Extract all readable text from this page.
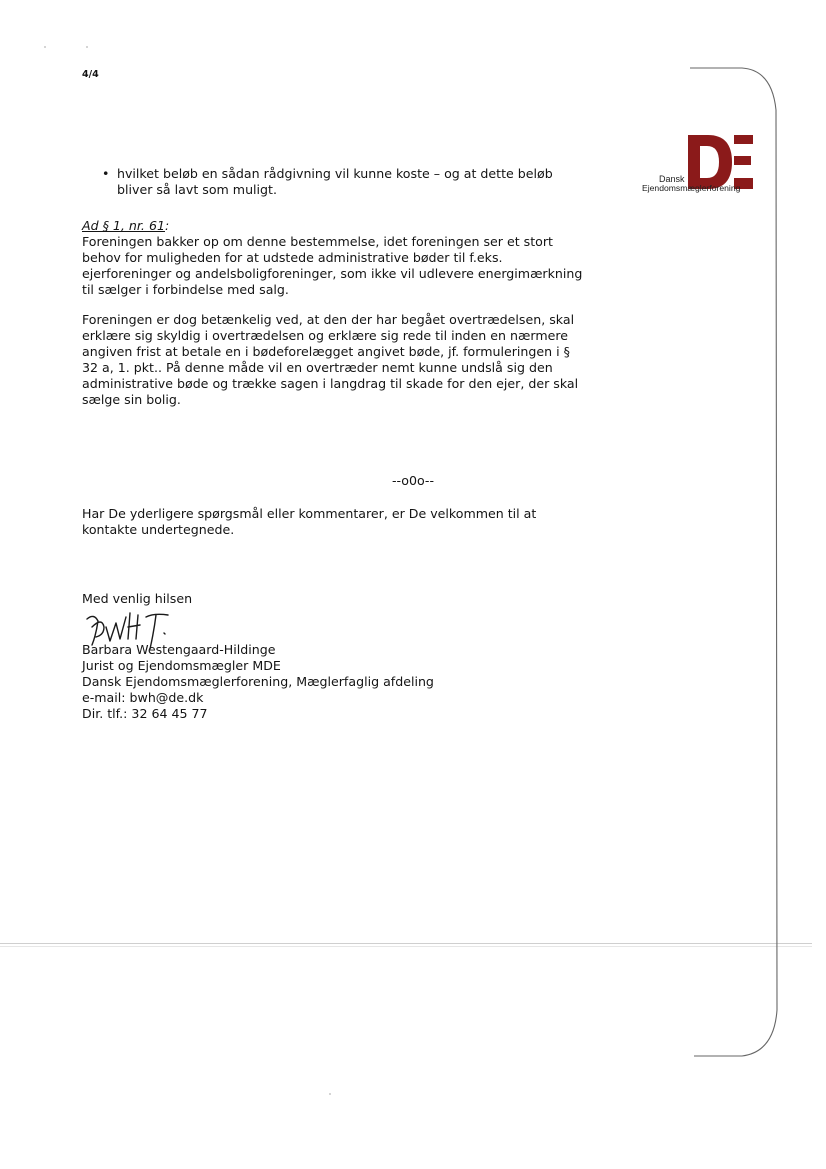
4/4
Dansk
Ejendomsmæglerforening
• hvilket beløb en sådan rådgivning vil kunne koste – og at dette beløb
bliver så lavt som muligt.
Ad § 1, nr. 61:
Foreningen bakker op om denne bestemmelse, idet foreningen ser et stort
behov for muligheden for at udstede administrative bøder til f.eks.
ejerforeninger og andelsboligforeninger, som ikke vil udlevere energimærkning
til sælger i forbindelse med salg.
Foreningen er dog betænkelig ved, at den der har begået overtrædelsen, skal
erklære sig skyldig i overtrædelsen og erklære sig rede til inden en nærmere
angiven frist at betale en i bødeforelægget angivet bøde, jf. formuleringen i §
32 a, 1. pkt.. På denne måde vil en overtræder nemt kunne undslå sig den
administrative bøde og trække sagen i langdrag til skade for den ejer, der skal
sælge sin bolig.
--o0o--
Har De yderligere spørgsmål eller kommentarer, er De velkommen til at
kontakte undertegnede.
Med venlig hilsen
Barbara Westengaard-Hildinge
Jurist og Ejendomsmægler MDE
Dansk Ejendomsmæglerforening, Mæglerfaglig afdeling
e-mail: bwh@de.dk
Dir. tlf.: 32 64 45 77
